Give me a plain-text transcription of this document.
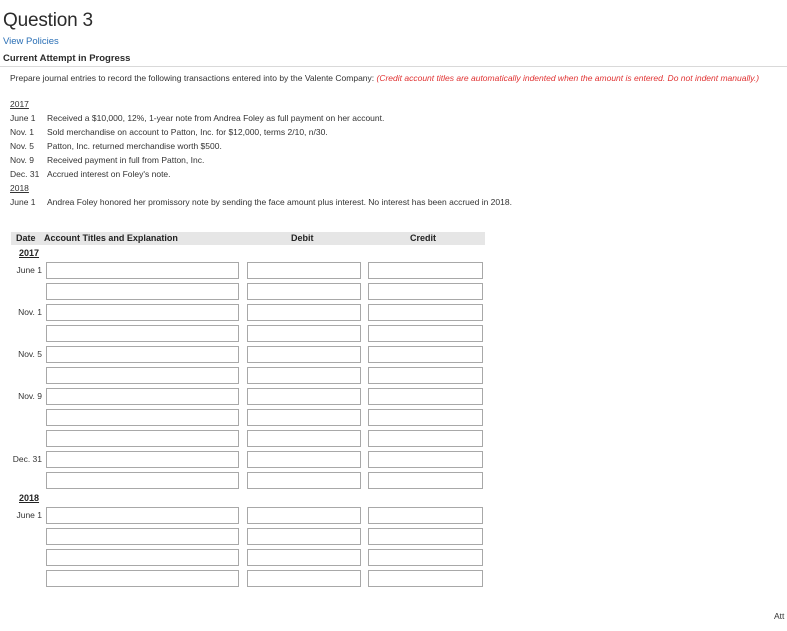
Question 3
View Policies
Current Attempt in Progress
Prepare journal entries to record the following transactions entered into by the Valente Company: (Credit account titles are automatically indented when the amount is entered. Do not indent manually.)
2017
June 1 Received a $10,000, 12%, 1-year note from Andrea Foley as full payment on her account.
Nov. 1 Sold merchandise on account to Patton, Inc. for $12,000, terms 2/10, n/30.
Nov. 5 Patton, Inc. returned merchandise worth $500.
Nov. 9 Received payment in full from Patton, Inc.
Dec. 31 Accrued interest on Foley's note.
2018
June 1 Andrea Foley honored her promissory note by sending the face amount plus interest. No interest has been accrued in 2018.
Date Account Titles and Explanation	Debit	Credit
2017
2018
June 1
Nov. 1
Nov. 5
Nov. 9
Dec. 31
June 1
Att
